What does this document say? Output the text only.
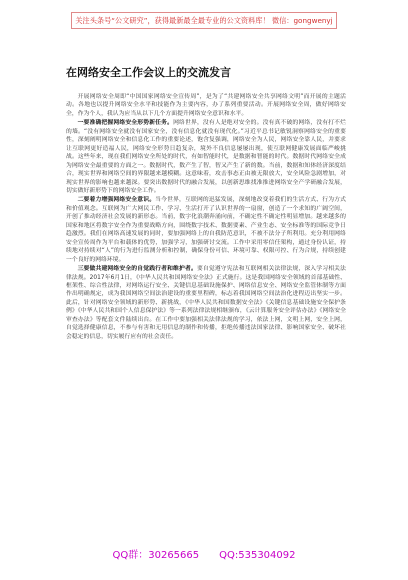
关注头条号“公文研究”，获得最新最全最专业的公文资料库！ 微信：gongwenyj
在网络安全工作会议上的交流发言

开展网络安全周即“中国国家网络安全宣传周”，是为了“共建网络安全共享网络文明”而开展的主题活动。各地也以提升网络安全水平和技能作为主要内容，办了系列重要活动。开展网络安全周，做好网络安全，作为个人，我认为应当从以下几个方面提升网络安全意识和水平。

一要准确把握网络安全形势新任务。网络世界，没有人是绝对安全的。没有真不破的网络，没有打不烂的墙。“没有网络安全就没有国家安全，没有信息化就没有现代化。”习近平总书记敏锐洞察网络安全的重要性，深刻阐明网络安全和信息化工作的重要论述，饱含复强调，网络安全为人民，网络安全靠人民，并要求让互联网更好造福人民，网络安全形势日趋复杂，境外不良信息屡屡出现，使互联网健康发展面临严峻挑战。这些年来，现在我们网络安全所处的时代，有如智能时代，是数据和智能的时代。数据时代网络安全成为网络安全最重要的方面之一。数据时代，数产生了智，智又产生了新的数。当前，数据和知体经济深度结合，现实世界和网络空间的界限越来越模糊。这意味着，攻击事态正由被无限放大，安全风险急剧增加，对现实世界的影响也越来越深。要突出数据时代的融合发展，以创新思维找准推进网络安全产学研融合发展，切实做好新形势下的网络安全工作。

二要着力增强网络安全意识。当今世界，互联网的迅猛发展，深刻地改变着我们的生活方式、行为方式和价值观念。互联网为广大网民工作、学习、生活打开了认识世界的一扇窗，创造了一个求知的广阔空间，开创了推动经济社会发展的新形态。当前，数字化浪潮奔涌向前，不确定性不确定性明显增加。越来越多的国家和地区将数字安全作为重要战略方向，围绕数字技术、数据要素、产业生态、安全标准等的国际竞争日趋激烈。我们在网络高速发展的同时，要加强网络上的自我防范意识，不被不法分子所利用。充分利用网络安全宣传周作为平台和载体的优势，加强学习，加强研讨交流。工作中采用零信任架构，通过身份认证，持续地对持续对“人”的行为进行监测分析和控制，确保身份可信、环境可靠、权限可控、行为合规，持续创建一个良好的网络环境。

三要做共建网络安全的自觉践行者和维护者。要自觉遵守宪法和互联网相关法律法规，深入学习相关法律法规。2017年6月1日，《中华人民共和国网络安全法》正式施行。这是我国网络安全领域的首部基础性、框架性、综合性法律，对网络运行安全、关键信息基础设施保护、网络信息安全、网络安全监管体制等方面作出明确规定，成为我国网络空间法治建设的重要里程碑，标志着我国网络空间法治化进程迈出坚实一步。此后，针对网络安全领域的新形势、新挑战，《中华人民共和国数据安全法》《关键信息基础设施安全保护条例》《中华人民共和国个人信息保护法》等一系列法律法规相继颁布，《云计算服务安全评估办法》《网络安全审查办法》等配套文件陆续出台。在工作中要加强相关法律法规的学习，依法上网，文明上网，安全上网，自觉选择健康信息，不参与有害和无用信息的制作和传播，拒绝传播违法国家法律、影响国家安全、破坏社会稳定的信息，切实履行应有的社会责任。

QQ群：30265665 QQ:535304092
